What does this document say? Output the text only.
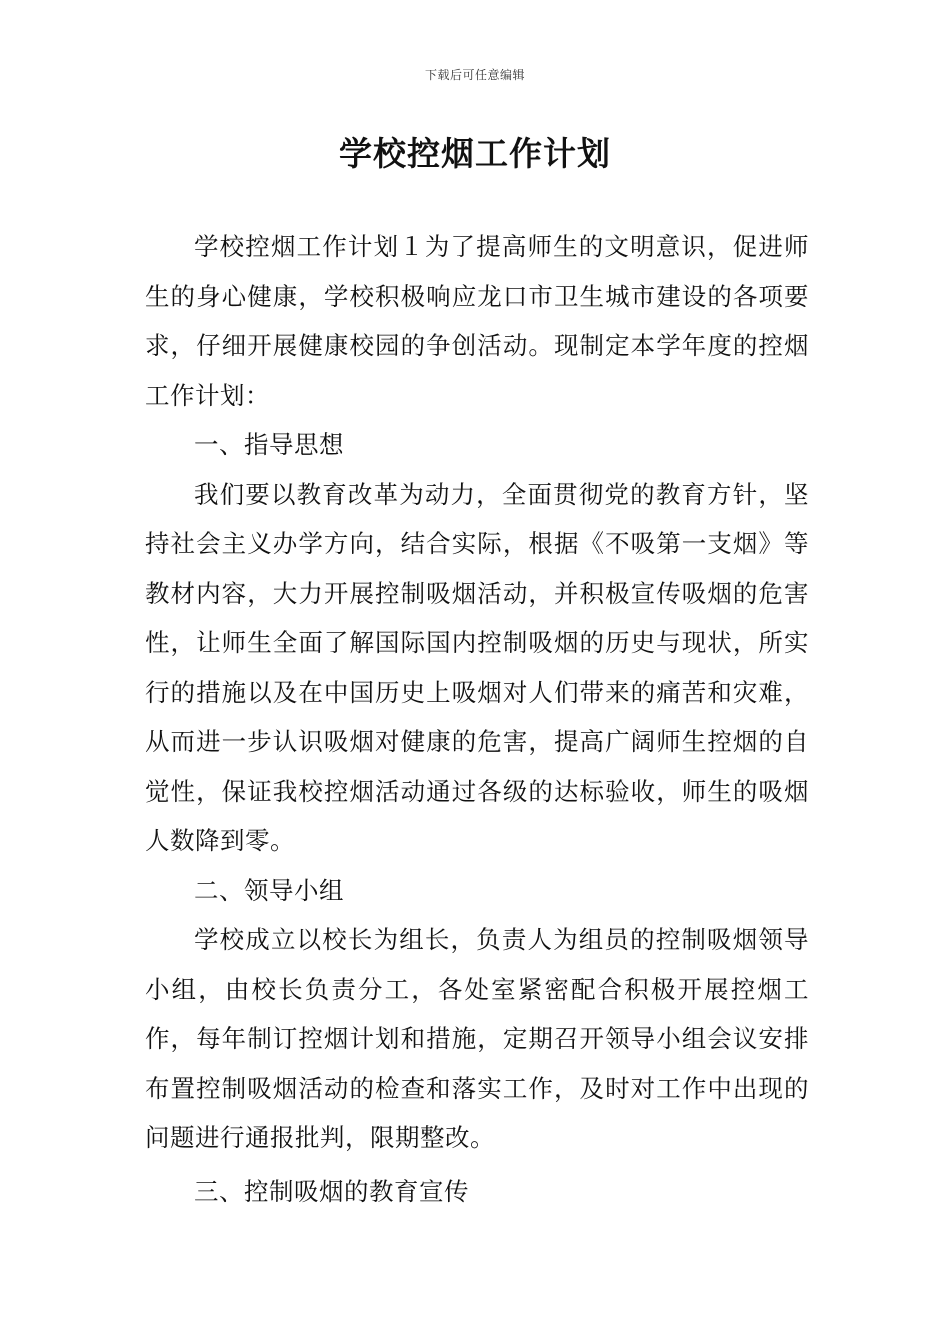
下载后可任意编辑
学校控烟工作计划

学校控烟工作计划１为了提高师生的文明意识，促进师生的身心健康，学校积极响应龙口市卫生城市建设的各项要求，仔细开展健康校园的争创活动。现制定本学年度的控烟工作计划：

一、指导思想

我们要以教育改革为动力，全面贯彻党的教育方针，坚持社会主义办学方向，结合实际，根据《不吸第一支烟》等教材内容，大力开展控制吸烟活动，并积极宣传吸烟的危害性，让师生全面了解国际国内控制吸烟的历史与现状，所实行的措施以及在中国历史上吸烟对人们带来的痛苦和灾难，从而进一步认识吸烟对健康的危害，提高广阔师生控烟的自觉性，保证我校控烟活动通过各级的达标验收，师生的吸烟人数降到零。

二、领导小组

学校成立以校长为组长，负责人为组员的控制吸烟领导小组，由校长负责分工，各处室紧密配合积极开展控烟工作，每年制订控烟计划和措施，定期召开领导小组会议安排布置控制吸烟活动的检查和落实工作，及时对工作中出现的问题进行通报批判，限期整改。

三、控制吸烟的教育宣传
